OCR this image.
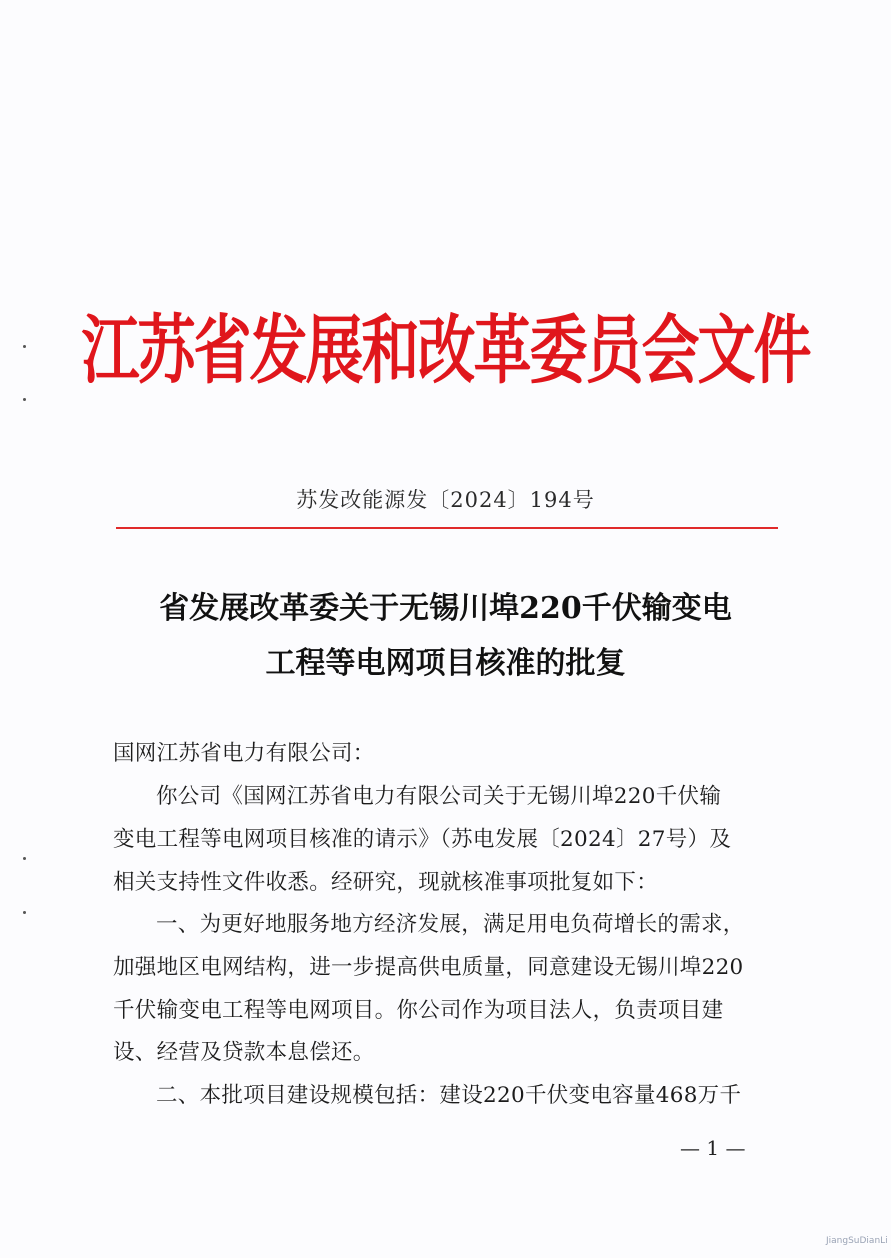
江苏省发展和改革委员会文件
苏发改能源发〔2024〕194号
省发展改革委关于无锡川埠220千伏输变电
工程等电网项目核准的批复
国网江苏省电力有限公司：
你公司《国网江苏省电力有限公司关于无锡川埠220千伏输
变电工程等电网项目核准的请示》（苏电发展〔2024〕27号）及
相关支持性文件收悉。经研究，现就核准事项批复如下：
一、为更好地服务地方经济发展，满足用电负荷增长的需求，
加强地区电网结构，进一步提高供电质量，同意建设无锡川埠220
千伏输变电工程等电网项目。你公司作为项目法人，负责项目建
设、经营及贷款本息偿还。
二、本批项目建设规模包括：建设220千伏变电容量468万千
— 1 —
JiangSuDianLi
